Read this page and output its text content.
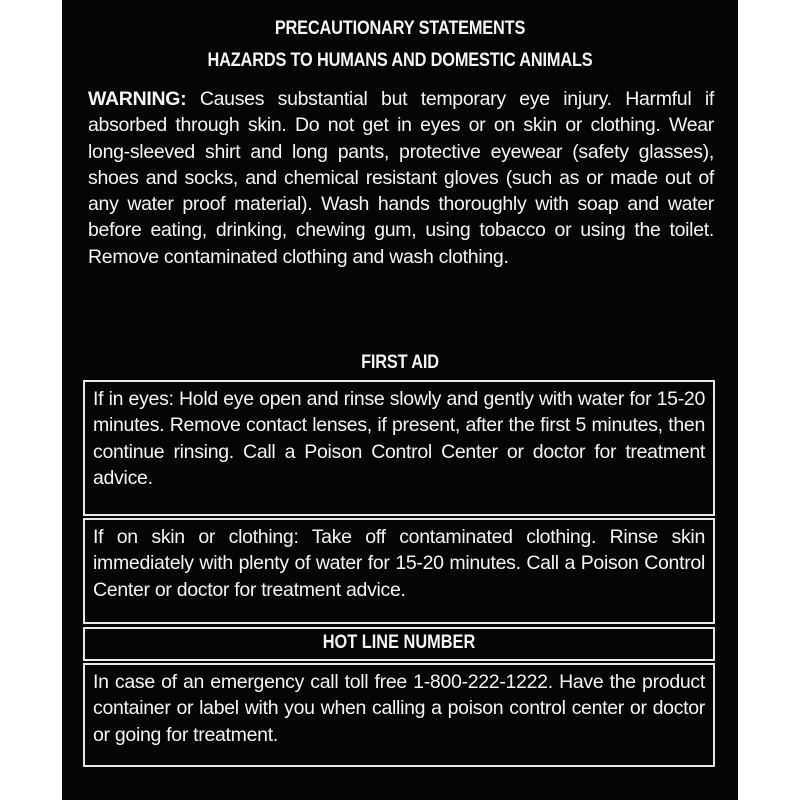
PRECAUTIONARY STATEMENTS
HAZARDS TO HUMANS AND DOMESTIC ANIMALS
WARNING: Causes substantial but temporary eye injury. Harmful if absorbed through skin. Do not get in eyes or on skin or clothing. Wear long-sleeved shirt and long pants, protective eyewear (safety glasses), shoes and socks, and chemical resistant gloves (such as or made out of any water proof material). Wash hands thoroughly with soap and water before eating, drinking, chewing gum, using tobacco or using the toilet. Remove contaminated clothing and wash clothing.
FIRST AID
If in eyes: Hold eye open and rinse slowly and gently with water for 15-20 minutes. Remove contact lenses, if present, after the first 5 minutes, then continue rinsing. Call a Poison Control Center or doctor for treatment advice.
If on skin or clothing: Take off contaminated clothing. Rinse skin immediately with plenty of water for 15-20 minutes. Call a Poison Control Center or doctor for treatment advice.
HOT LINE NUMBER
In case of an emergency call toll free 1-800-222-1222. Have the product container or label with you when calling a poison control center or doctor or going for treatment.
